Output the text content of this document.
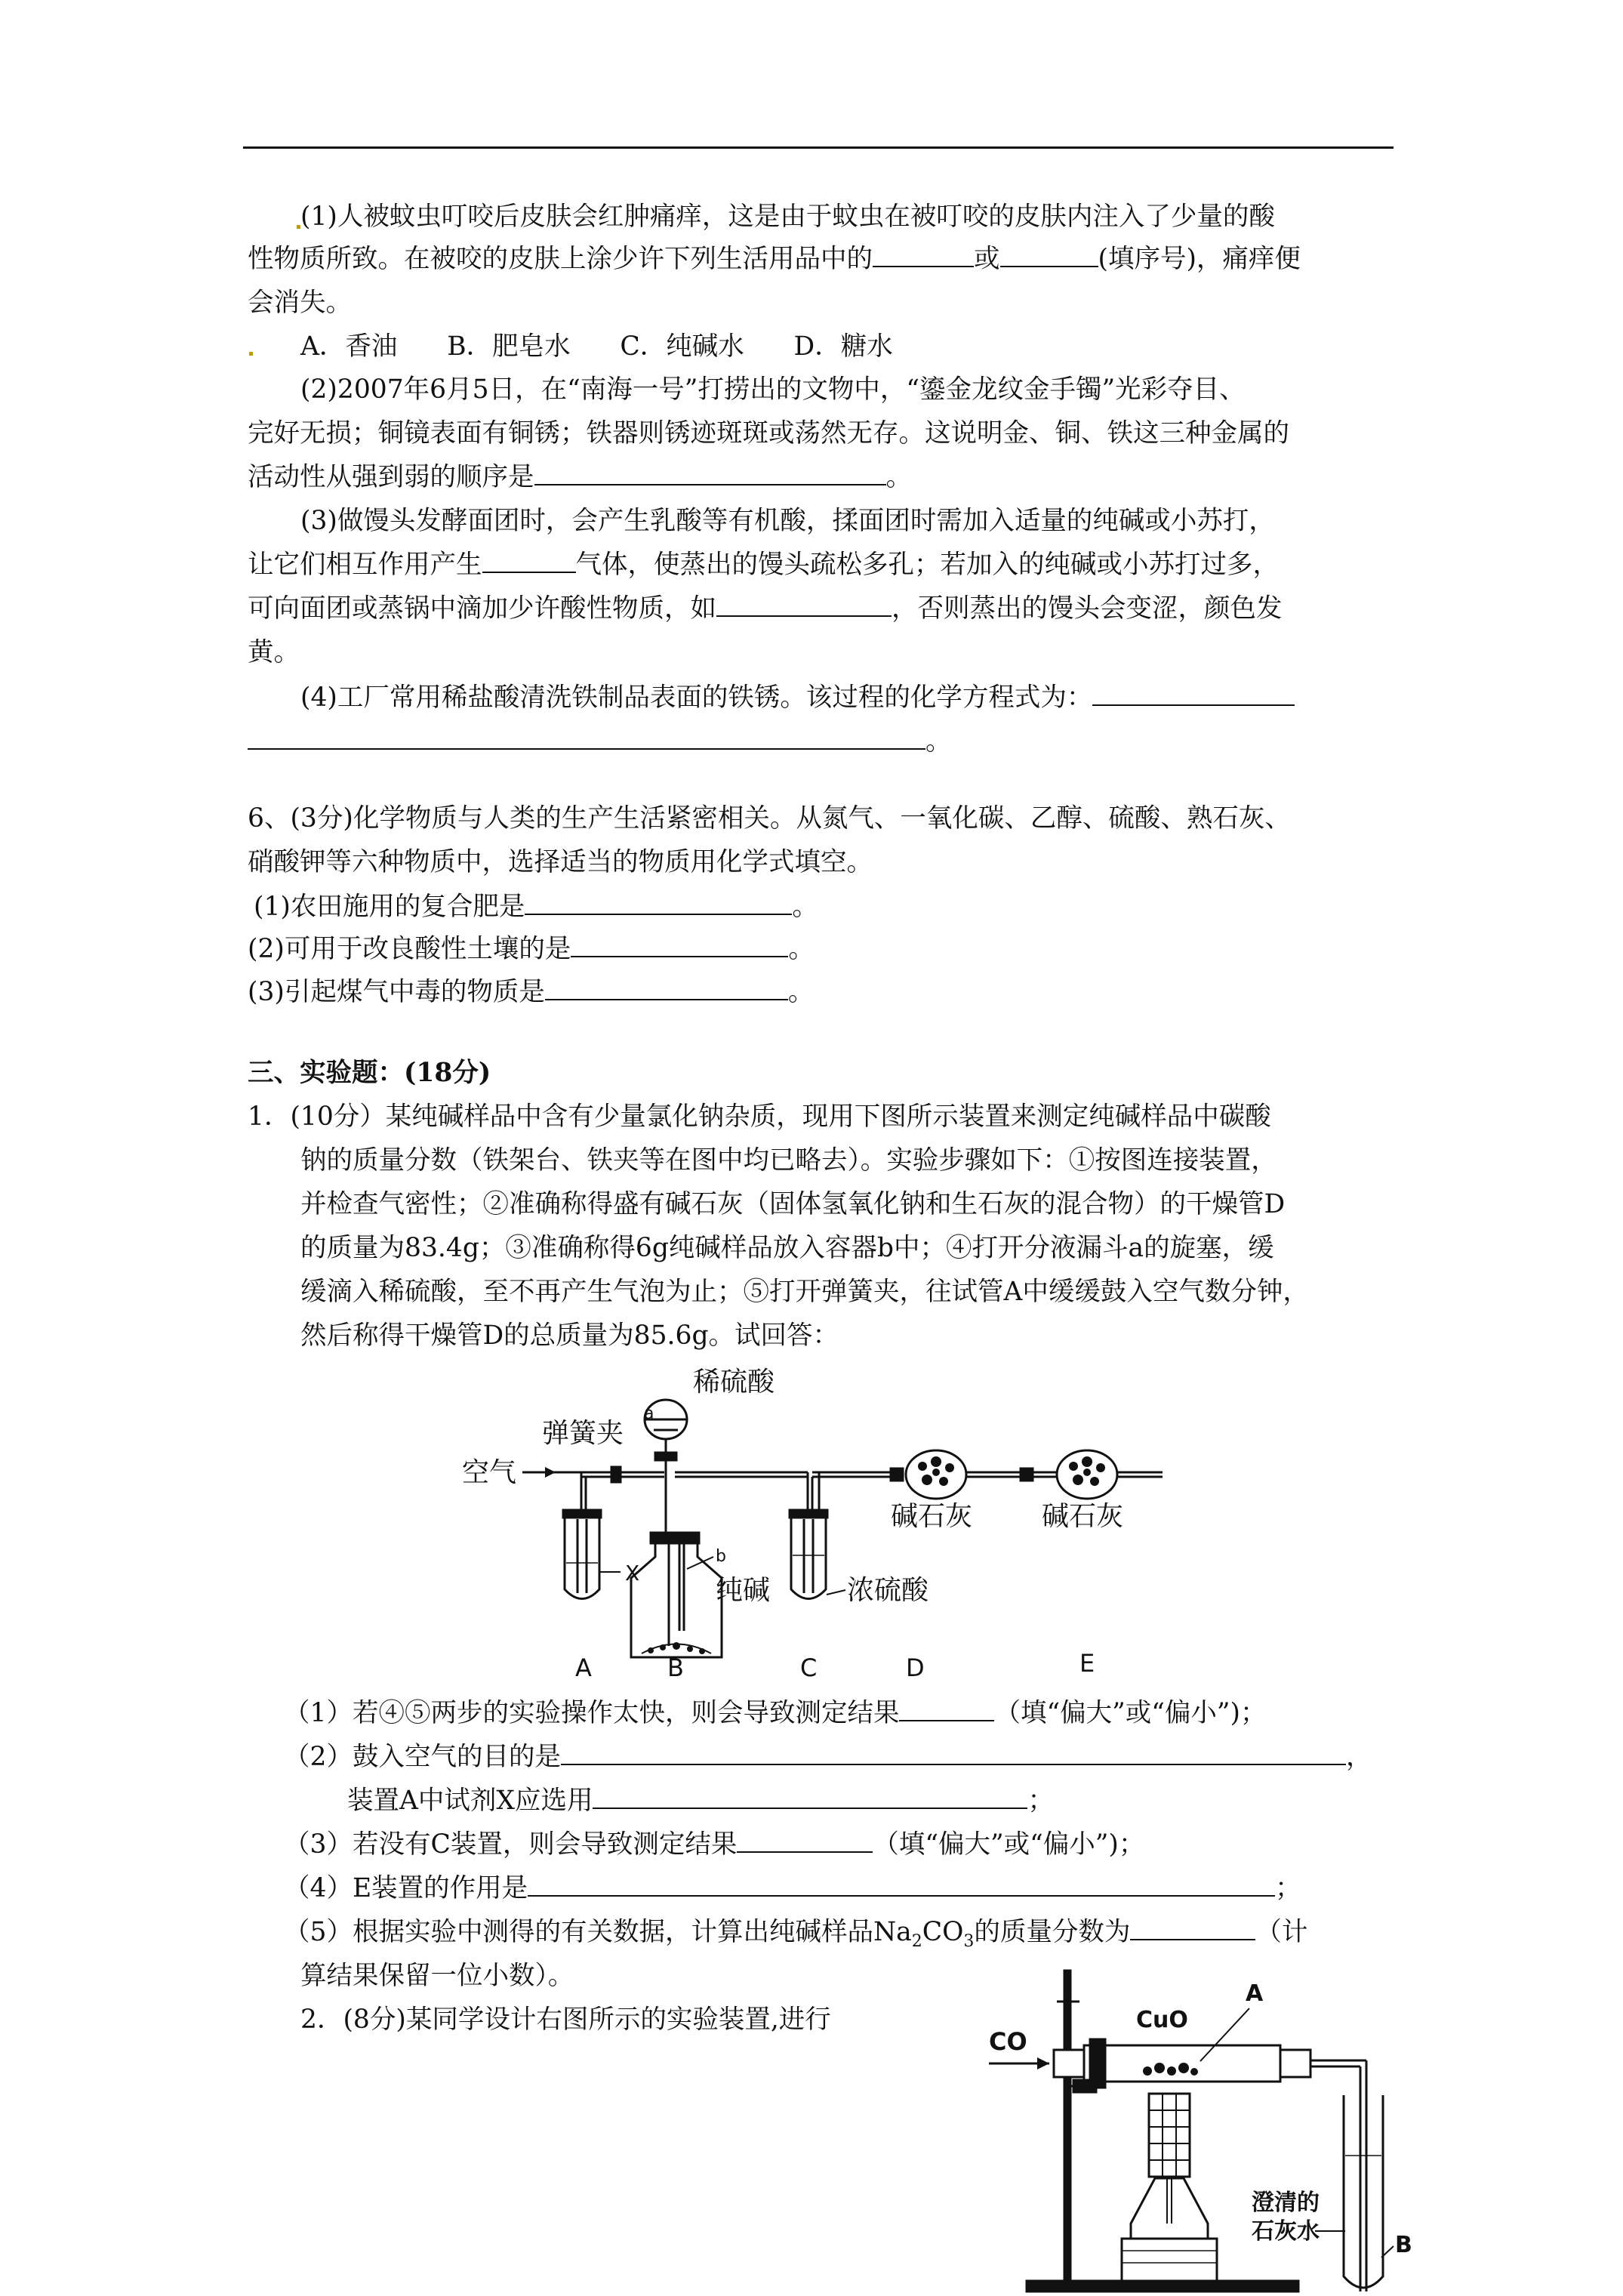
(1)人被蚊虫叮咬后皮肤会红肿痛痒，这是由于蚊虫在被叮咬的皮肤内注入了少量的酸
性物质所致。在被咬的皮肤上涂少许下列生活用品中的	或	(填序号)，痛痒便
会消失。
A．香油      B．肥皂水      C．纯碱水      D．糖水
(2)2007年6月5日，在“南海一号”打捞出的文物中，“鎏金龙纹金手镯”光彩夺目、
完好无损；铜镜表面有铜锈；铁器则锈迹斑斑或荡然无存。这说明金、铜、铁这三种金属的
活动性从强到弱的顺序是	。
(3)做馒头发酵面团时，会产生乳酸等有机酸，揉面团时需加入适量的纯碱或小苏打，
让它们相互作用产生	气体，使蒸出的馒头疏松多孔；若加入的纯碱或小苏打过多，
可向面团或蒸锅中滴加少许酸性物质，如	，否则蒸出的馒头会变涩，颜色发
黄。
(4)工厂常用稀盐酸清洗铁制品表面的铁锈。该过程的化学方程式为：
。
6、(3分)化学物质与人类的生产生活紧密相关。从氮气、一氧化碳、乙醇、硫酸、熟石灰、
硝酸钾等六种物质中，选择适当的物质用化学式填空。
(1)农田施用的复合肥是	。
(2)可用于改良酸性土壤的是	。
(3)引起煤气中毒的物质是	。
三、实验题：(18分)
1．(10分）某纯碱样品中含有少量氯化钠杂质，现用下图所示装置来测定纯碱样品中碳酸
钠的质量分数（铁架台、铁夹等在图中均已略去）。实验步骤如下：①按图连接装置，
并检查气密性；②准确称得盛有碱石灰（固体氢氧化钠和生石灰的混合物）的干燥管D
的质量为83.4g；③准确称得6g纯碱样品放入容器b中；④打开分液漏斗a的旋塞，缓
缓滴入稀硫酸，至不再产生气泡为止；⑤打开弹簧夹，往试管A中缓缓鼓入空气数分钟，
然后称得干燥管D的总质量为85.6g。试回答：
稀硫酸
a
弹簧夹
空气
X
b
纯碱	浓硫酸
碱石灰	碱石灰
A	B	C	D	E
（1）若④⑤两步的实验操作太快，则会导致测定结果	（填“偏大”或“偏小”)；
（2）鼓入空气的目的是	，
装置A中试剂X应选用	；
（3）若没有C装置，则会导致测定结果	（填“偏大”或“偏小”)；
（4）E装置的作用是	；
（5）根据实验中测得的有关数据，计算出纯碱样品$Na_2CO_3$的质量分数为	（计
算结果保留一位小数）。
2．(8分)某同学设计右图所示的实验装置,进行
CO
CuO
A
澄清的
石灰水
B
